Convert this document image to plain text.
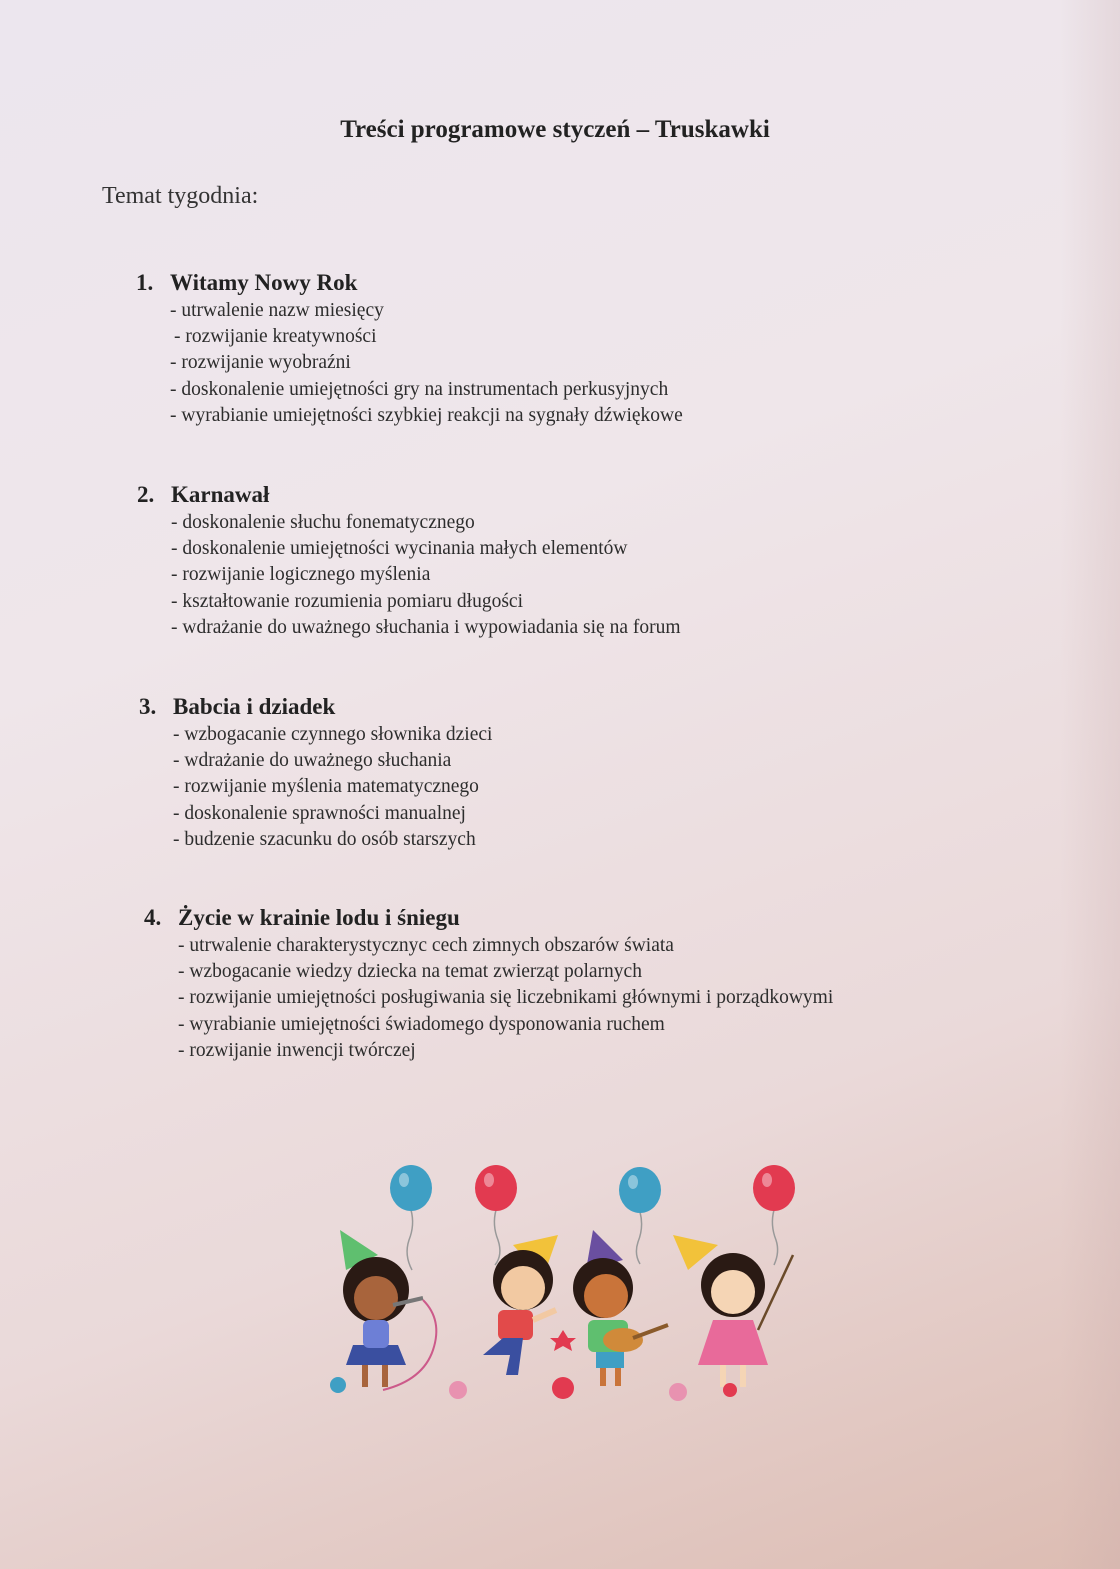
Treści programowe styczeń – Truskawki
Temat tygodnia:
1. Witamy Nowy Rok
- utrwalenie nazw miesięcy
- rozwijanie kreatywności
- rozwijanie wyobraźni
- doskonalenie umiejętności gry na instrumentach perkusyjnych
- wyrabianie umiejętności szybkiej reakcji na sygnały dźwiękowe
2. Karnawał
- doskonalenie słuchu fonematycznego
- doskonalenie umiejętności wycinania małych elementów
- rozwijanie logicznego myślenia
- kształtowanie rozumienia pomiaru długości
- wdrażanie do uważnego słuchania i wypowiadania się na forum
3. Babcia i dziadek
- wzbogacanie czynnego słownika dzieci
- wdrażanie do uważnego słuchania
- rozwijanie myślenia matematycznego
- doskonalenie sprawności manualnej
- budzenie szacunku do osób starszych
4. Życie w krainie lodu i śniegu
- utrwalenie charakterystycznyc cech zimnych obszarów świata
- wzbogacanie wiedzy dziecka na temat zwierząt polarnych
- rozwijanie umiejętności posługiwania się liczebnikami głównymi i porządkowymi
- wyrabianie umiejętności świadomego dysponowania ruchem
- rozwijanie inwencji twórczej
